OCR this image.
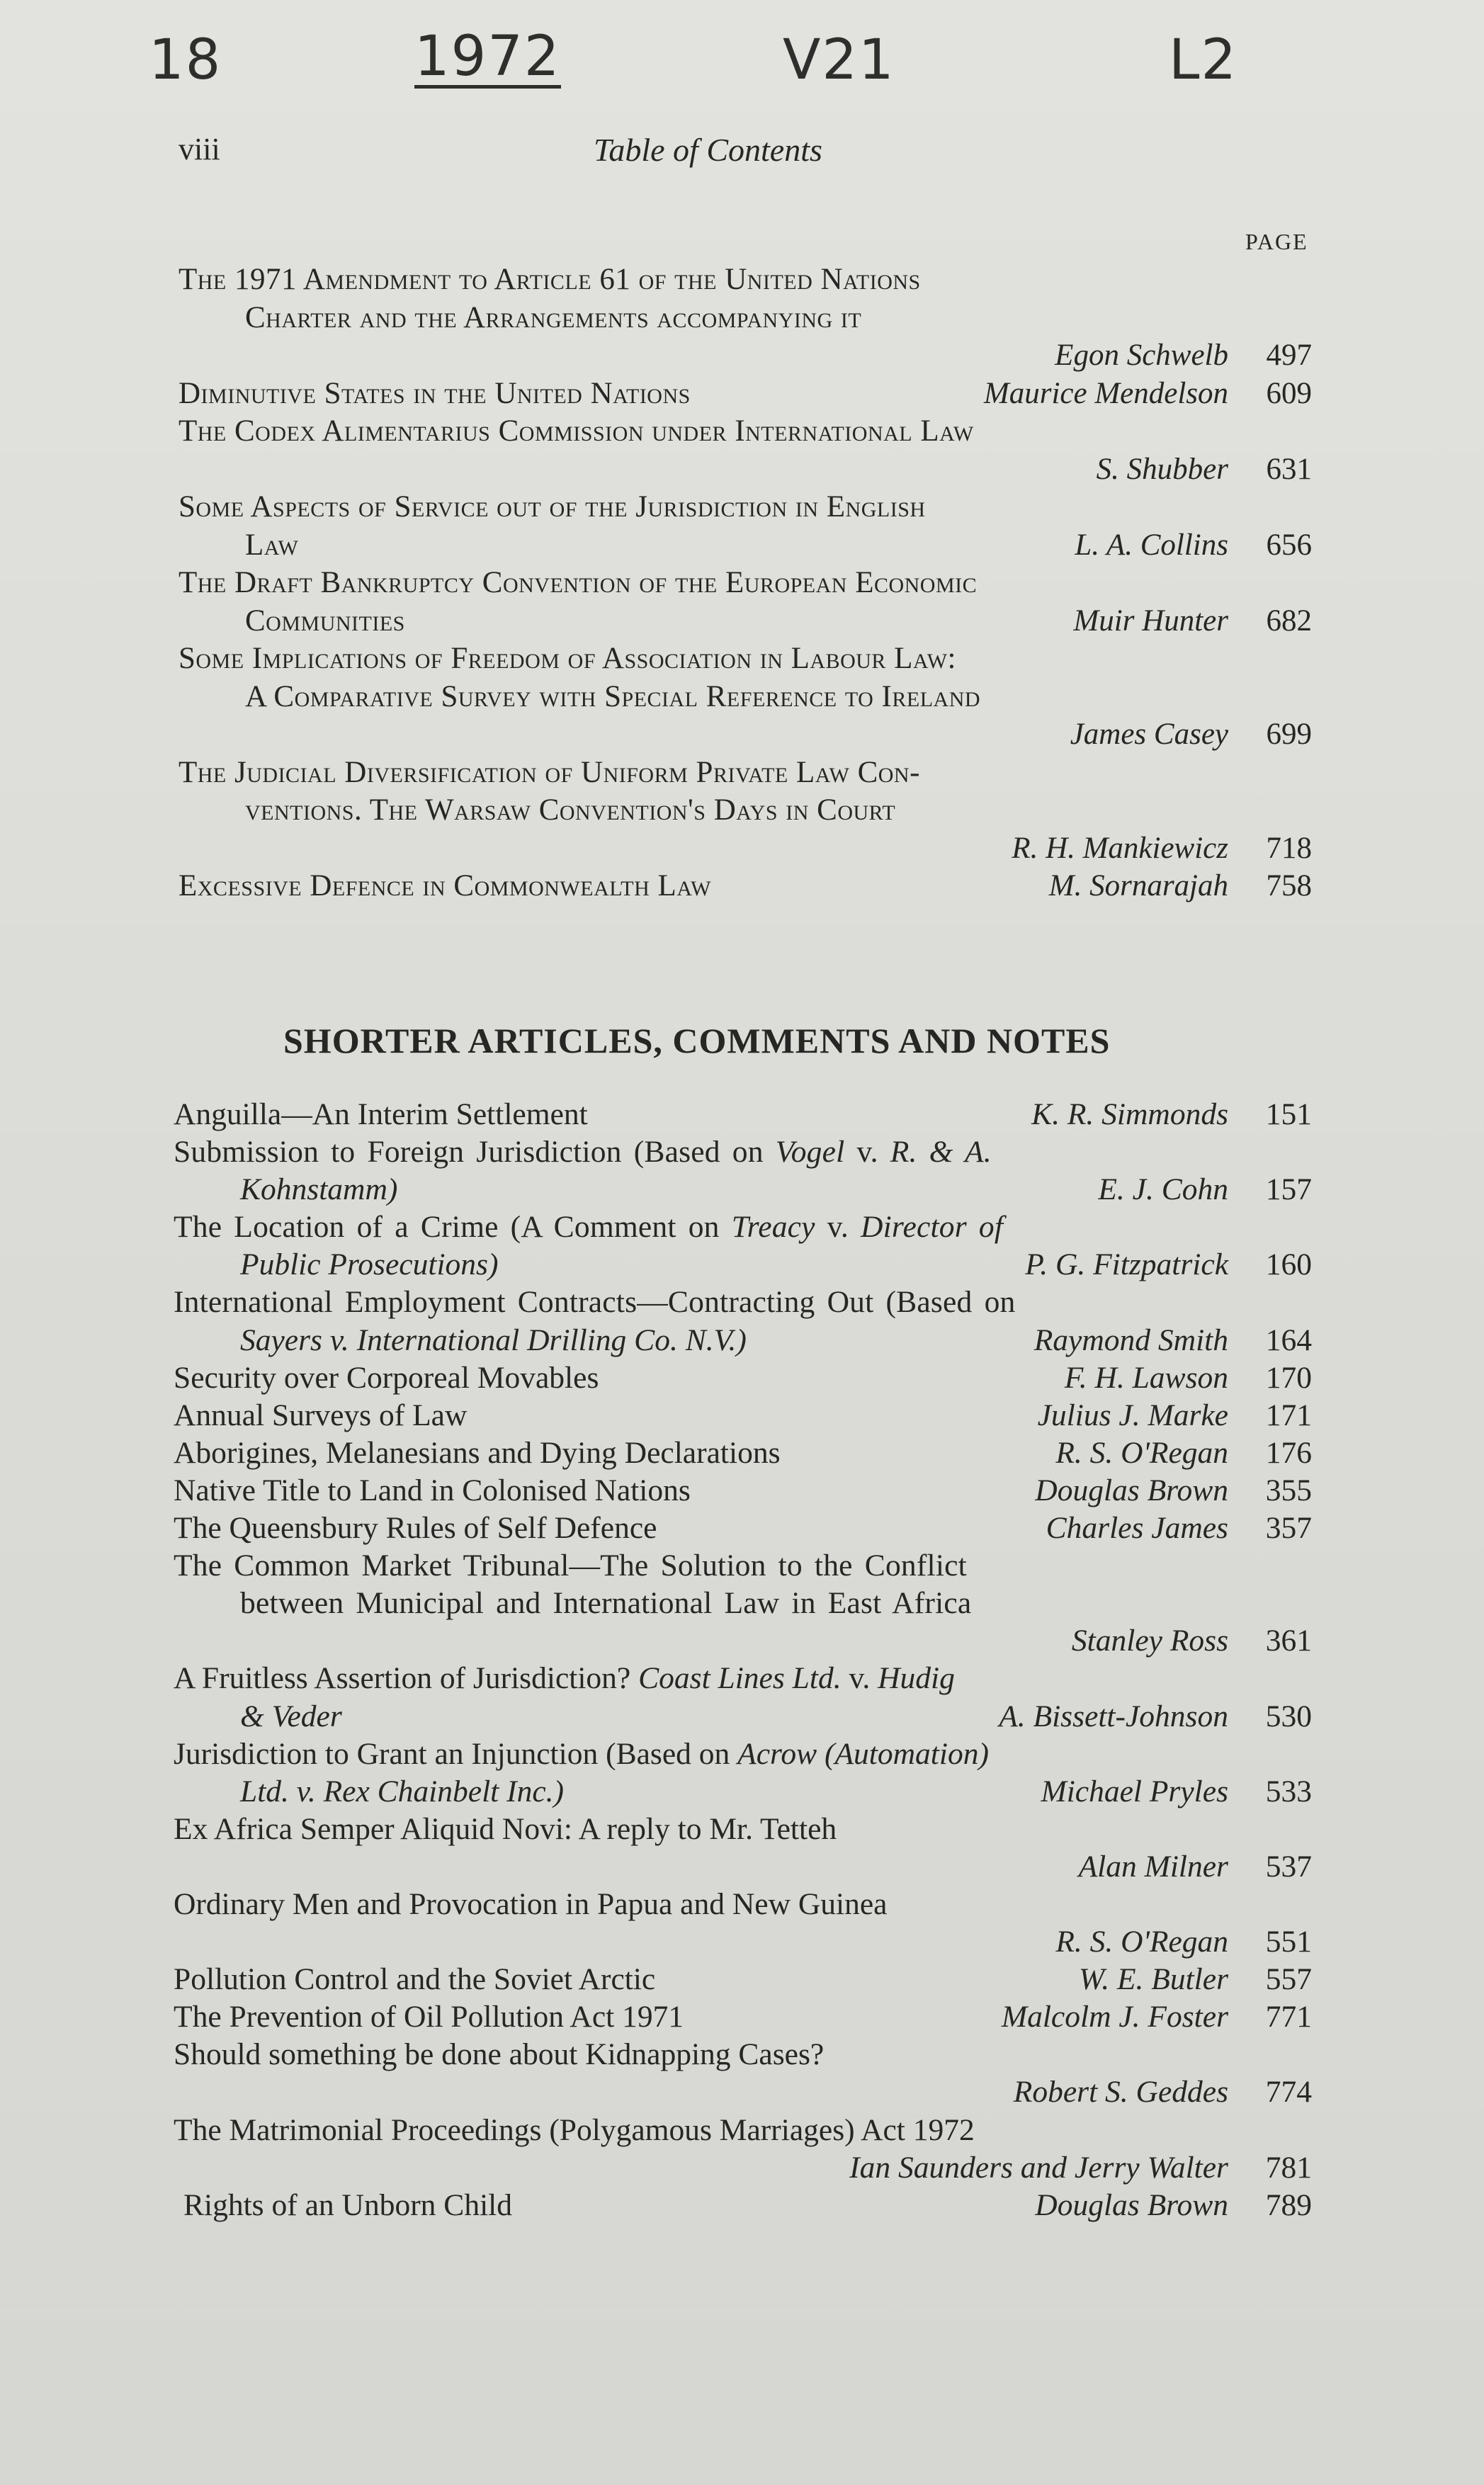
18	1972	V21	L2
viii	Table of Contents
PAGE
The 1971 Amendment to Article 61 of the United Nations
Charter and the Arrangements accompanying it
Egon Schwelb	497
Diminutive States in the United Nations	Maurice Mendelson	609
The Codex Alimentarius Commission under International Law
S. Shubber	631
Some Aspects of Service out of the Jurisdiction in English
Law	L. A. Collins	656
The Draft Bankruptcy Convention of the European Economic
Communities	Muir Hunter	682
Some Implications of Freedom of Association in Labour Law:
A Comparative Survey with Special Reference to Ireland
James Casey	699
The Judicial Diversification of Uniform Private Law Con-
ventions. The Warsaw Convention's Days in Court
R. H. Mankiewicz	718
Excessive Defence in Commonwealth Law	M. Sornarajah	758
SHORTER ARTICLES, COMMENTS AND NOTES
Anguilla—An Interim Settlement	K. R. Simmonds	151
Submission to Foreign Jurisdiction (Based on Vogel v. R. & A.
Kohnstamm)	E. J. Cohn	157
The Location of a Crime (A Comment on Treacy v. Director of
Public Prosecutions)	P. G. Fitzpatrick	160
International Employment Contracts—Contracting Out (Based on
Sayers v. International Drilling Co. N.V.)	Raymond Smith	164
Security over Corporeal Movables	F. H. Lawson	170
Annual Surveys of Law	Julius J. Marke	171
Aborigines, Melanesians and Dying Declarations	R. S. O'Regan	176
Native Title to Land in Colonised Nations	Douglas Brown	355
The Queensbury Rules of Self Defence	Charles James	357
The Common Market Tribunal—The Solution to the Conflict
between Municipal and International Law in East Africa
Stanley Ross	361
A Fruitless Assertion of Jurisdiction? Coast Lines Ltd. v. Hudig
& Veder	A. Bissett-Johnson	530
Jurisdiction to Grant an Injunction (Based on Acrow (Automation)
Ltd. v. Rex Chainbelt Inc.)	Michael Pryles	533
Ex Africa Semper Aliquid Novi: A reply to Mr. Tetteh
Alan Milner	537
Ordinary Men and Provocation in Papua and New Guinea
R. S. O'Regan	551
Pollution Control and the Soviet Arctic	W. E. Butler	557
The Prevention of Oil Pollution Act 1971	Malcolm J. Foster	771
Should something be done about Kidnapping Cases?
Robert S. Geddes	774
The Matrimonial Proceedings (Polygamous Marriages) Act 1972
Ian Saunders and Jerry Walter	781
Rights of an Unborn Child	Douglas Brown	789
